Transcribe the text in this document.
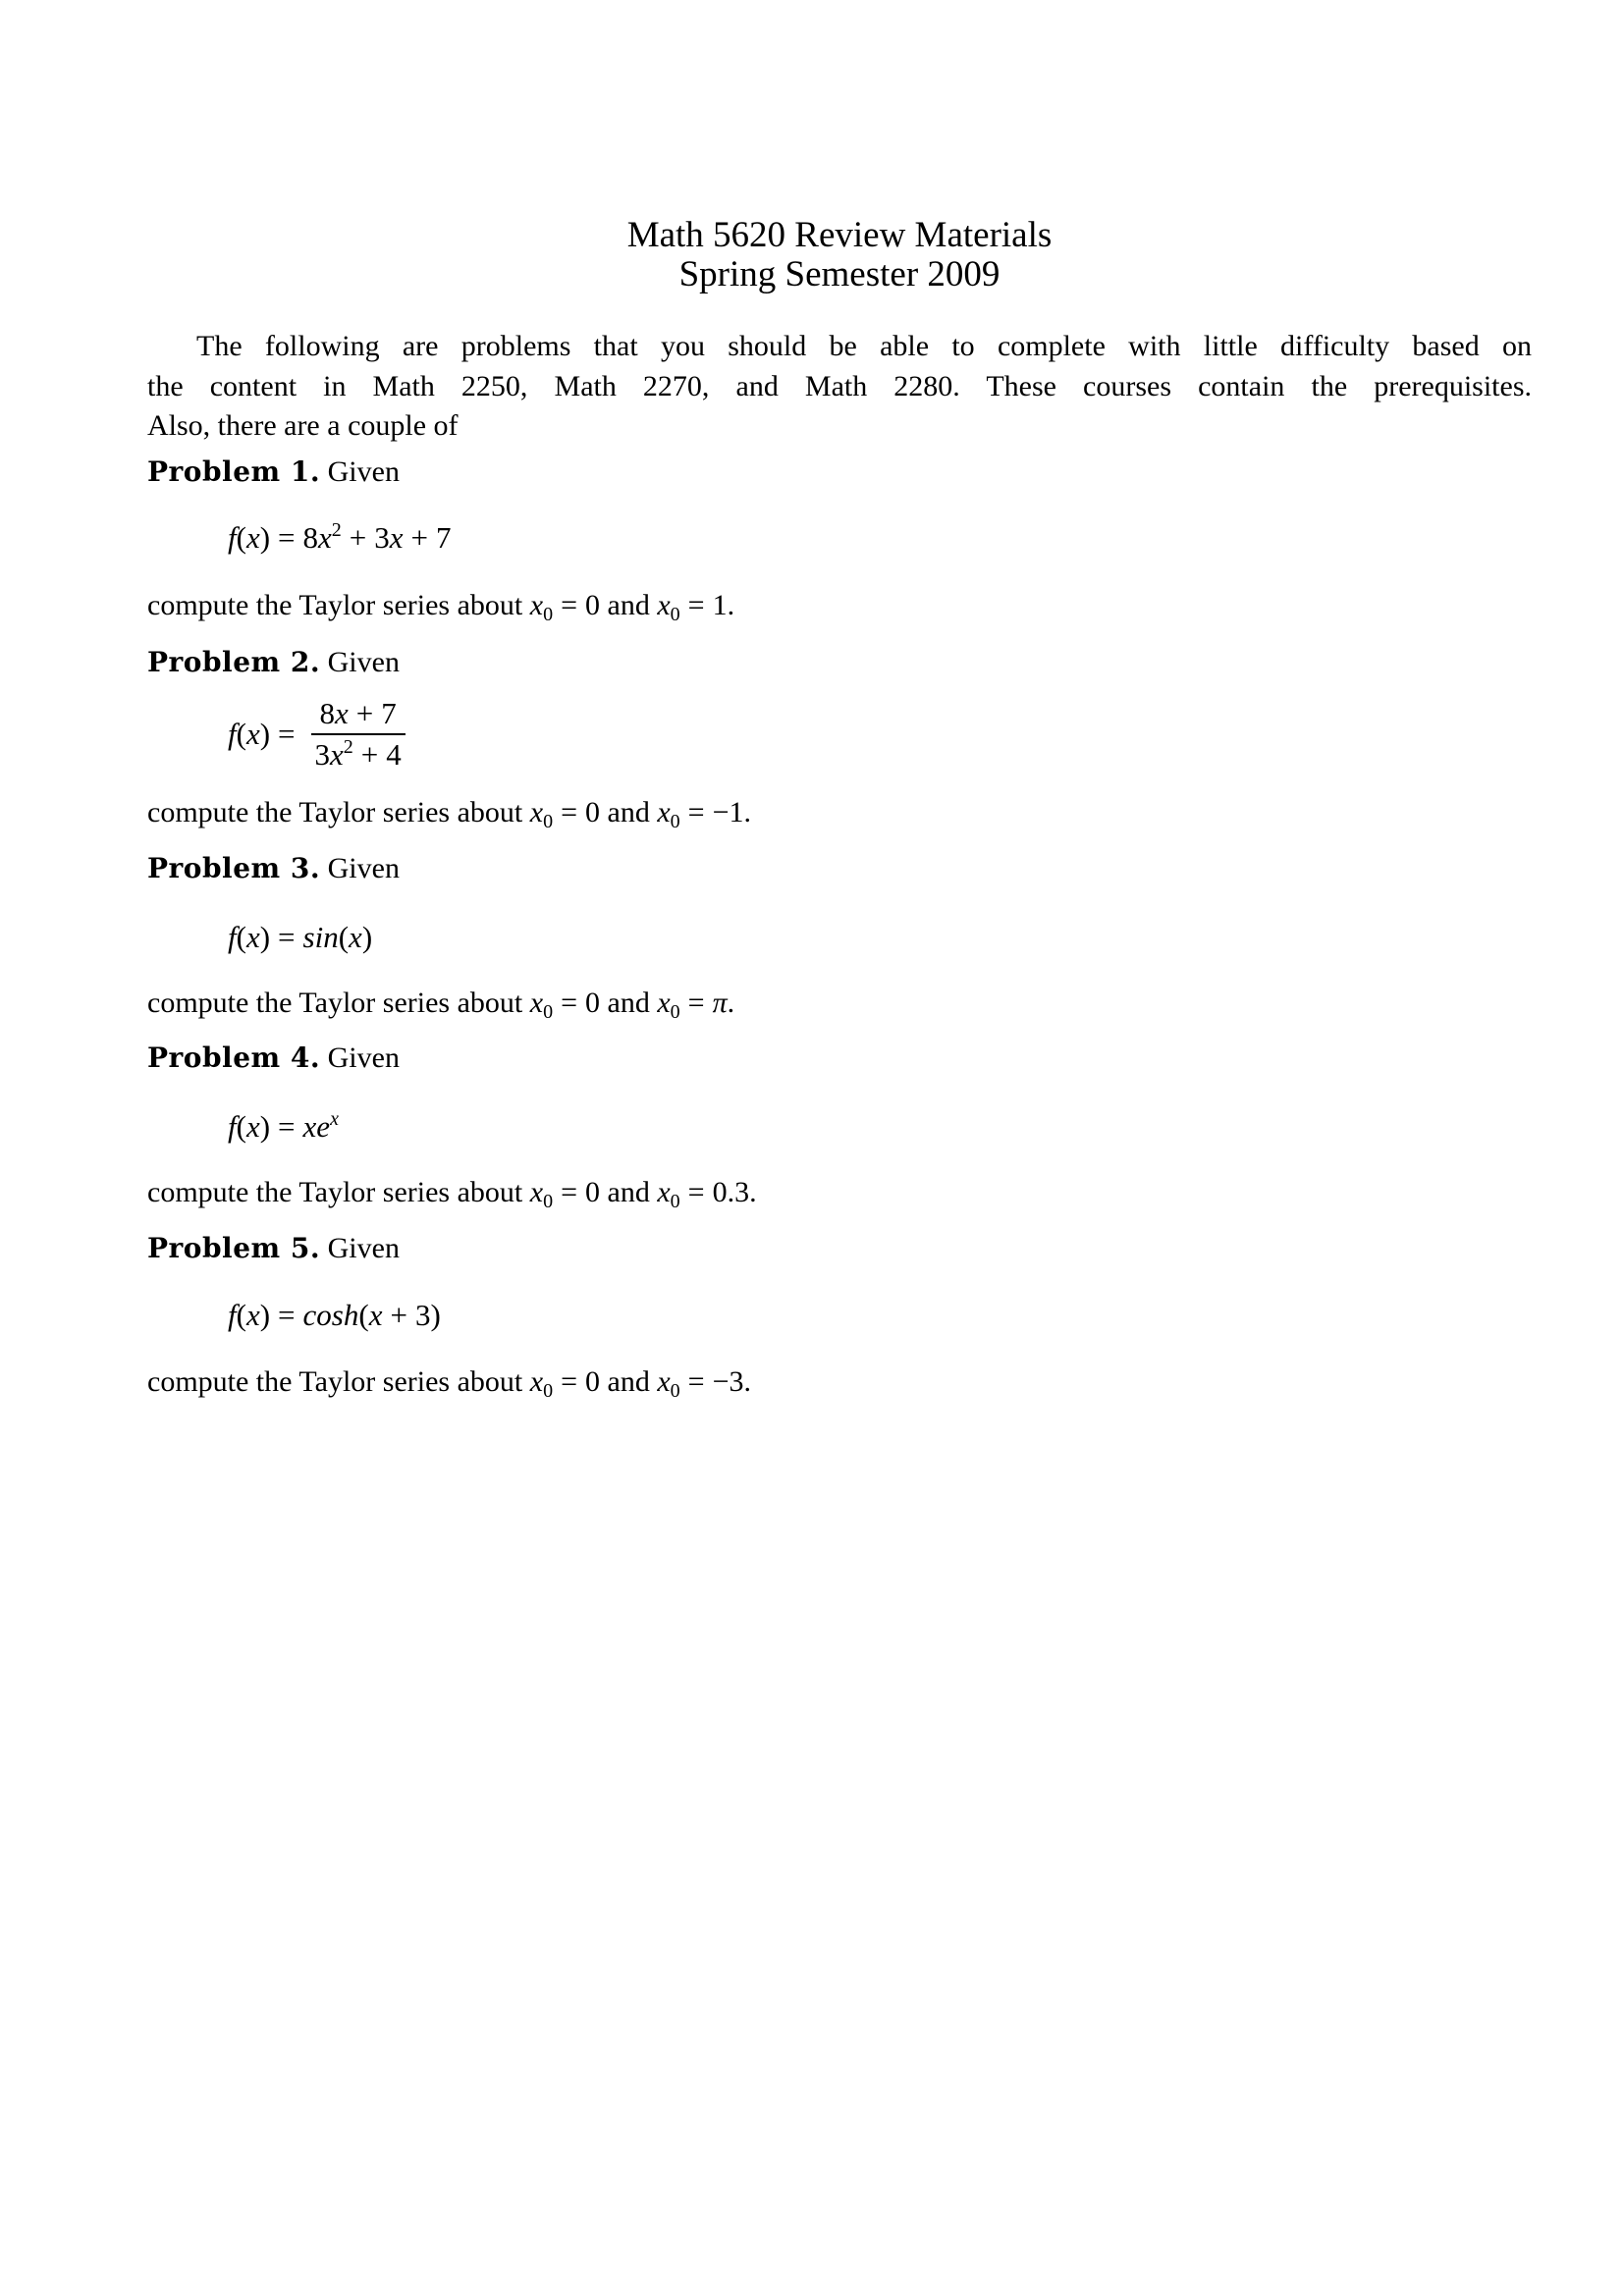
Math 5620 Review Materials
Spring Semester 2009
The following are problems that you should be able to complete with little difficulty based on
the content in Math 2250, Math 2270, and Math 2280. These courses contain the prerequisites.
Also, there are a couple of
Problem 1. Given
$f(x) = 8x^2 + 3x + 7$
compute the Taylor series about $x_0 = 0$ and $x_0 = 1$.
Problem 2. Given
f ( x ) = $\frac{8x + 7}{3x^2 + 4}$
compute the Taylor series about $x_0 = 0$ and $x_0 = -1$.
Problem 3. Given
f(x) = sin(x)
compute the Taylor series about $x_0 = 0$ and $x_0 = \pi$.
Problem 4. Given
$f(x) = xe^x$
compute the Taylor series about $x_0 = 0$ and $x_0 = 0.3$.
Problem 5. Given
f(x) = cosh(x + 3)
compute the Taylor series about $x_0 = 0$ and $x_0 = -3$.
